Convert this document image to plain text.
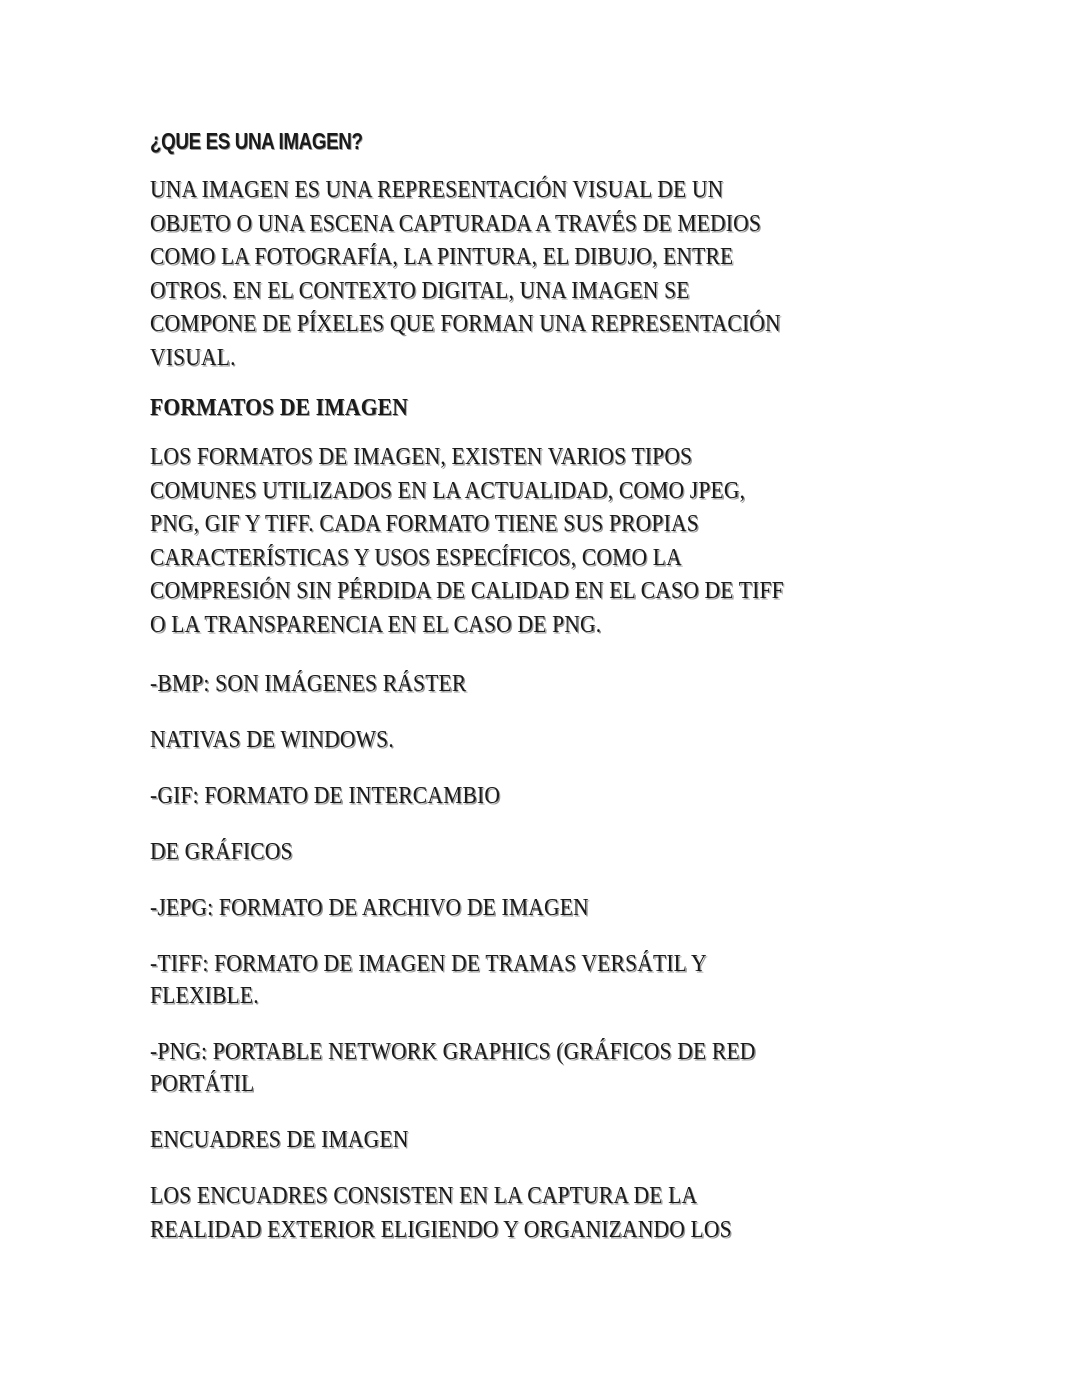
¿QUE ES UNA IMAGEN?

UNA IMAGEN ES UNA REPRESENTACIÓN VISUAL DE UN
OBJETO O UNA ESCENA CAPTURADA A TRAVÉS DE MEDIOS
COMO LA FOTOGRAFÍA, LA PINTURA, EL DIBUJO, ENTRE
OTROS. EN EL CONTEXTO DIGITAL, UNA IMAGEN SE
COMPONE DE PÍXELES QUE FORMAN UNA REPRESENTACIÓN
VISUAL.

FORMATOS DE IMAGEN

LOS FORMATOS DE IMAGEN, EXISTEN VARIOS TIPOS
COMUNES UTILIZADOS EN LA ACTUALIDAD, COMO JPEG,
PNG, GIF Y TIFF. CADA FORMATO TIENE SUS PROPIAS
CARACTERÍSTICAS Y USOS ESPECÍFICOS, COMO LA
COMPRESIÓN SIN PÉRDIDA DE CALIDAD EN EL CASO DE TIFF
O LA TRANSPARENCIA EN EL CASO DE PNG.

-BMP: SON IMÁGENES RÁSTER

NATIVAS DE WINDOWS.

-GIF: FORMATO DE INTERCAMBIO

DE GRÁFICOS

-JEPG: FORMATO DE ARCHIVO DE IMAGEN

-TIFF: FORMATO DE IMAGEN DE TRAMAS VERSÁTIL Y
FLEXIBLE.

-PNG: PORTABLE NETWORK GRAPHICS (GRÁFICOS DE RED
PORTÁTIL

ENCUADRES DE IMAGEN

LOS ENCUADRES CONSISTEN EN LA CAPTURA DE LA
REALIDAD EXTERIOR ELIGIENDO Y ORGANIZANDO LOS
